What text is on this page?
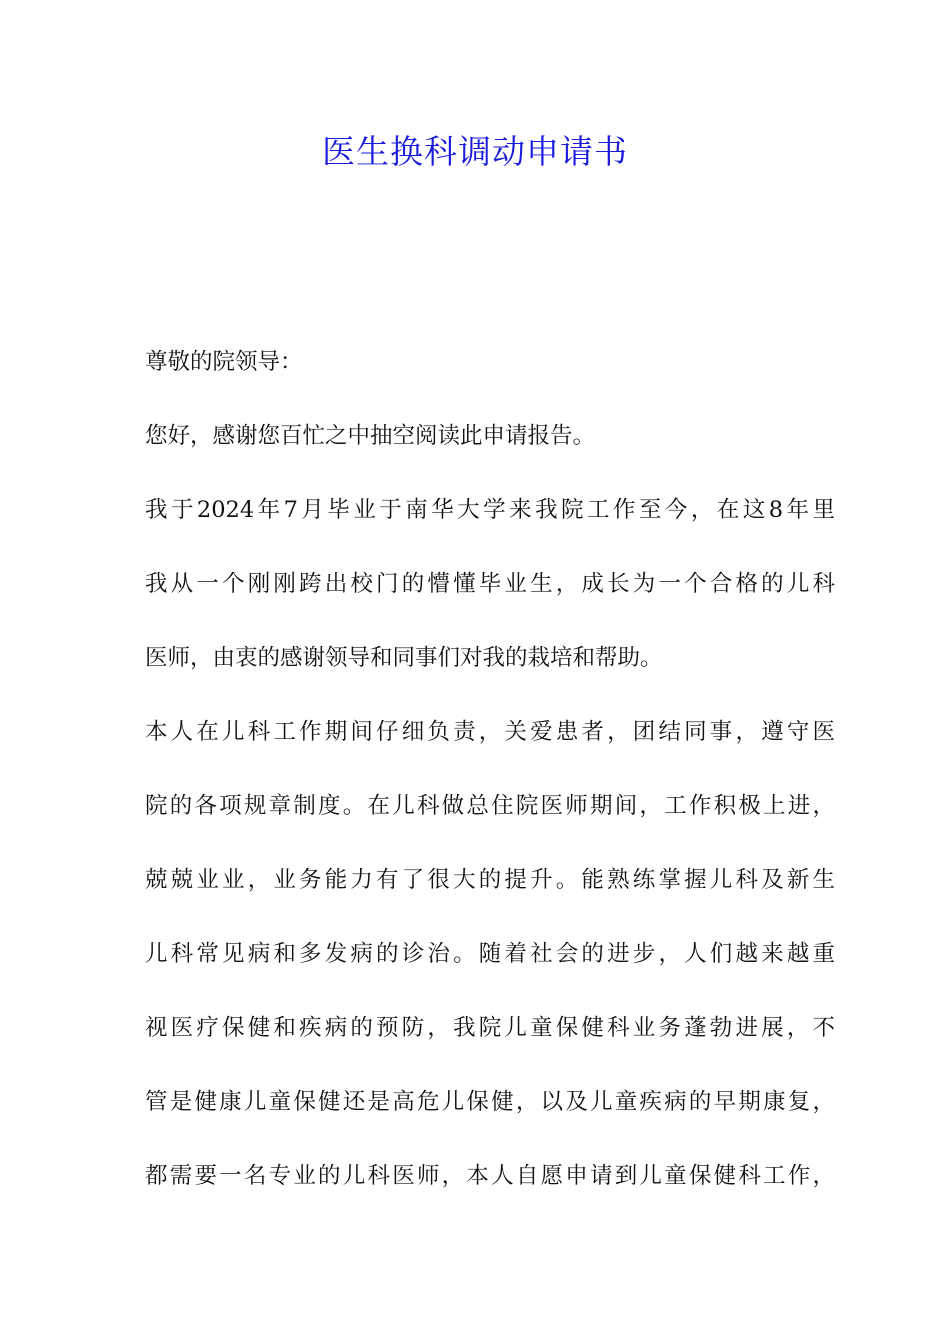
医生换科调动申请书

尊敬的院领导：

您好，感谢您百忙之中抽空阅读此申请报告。

我于2024年7月毕业于南华大学来我院工作至今，在这8年里

我从一个刚刚跨出校门的懵懂毕业生，成长为一个合格的儿科

医师，由衷的感谢领导和同事们对我的栽培和帮助。

本人在儿科工作期间仔细负责，关爱患者，团结同事，遵守医

院的各项规章制度。在儿科做总住院医师期间，工作积极上进，

兢兢业业，业务能力有了很大的提升。能熟练掌握儿科及新生

儿科常见病和多发病的诊治。随着社会的进步，人们越来越重

视医疗保健和疾病的预防，我院儿童保健科业务蓬勃进展，不

管是健康儿童保健还是高危儿保健，以及儿童疾病的早期康复，

都需要一名专业的儿科医师，本人自愿申请到儿童保健科工作，
